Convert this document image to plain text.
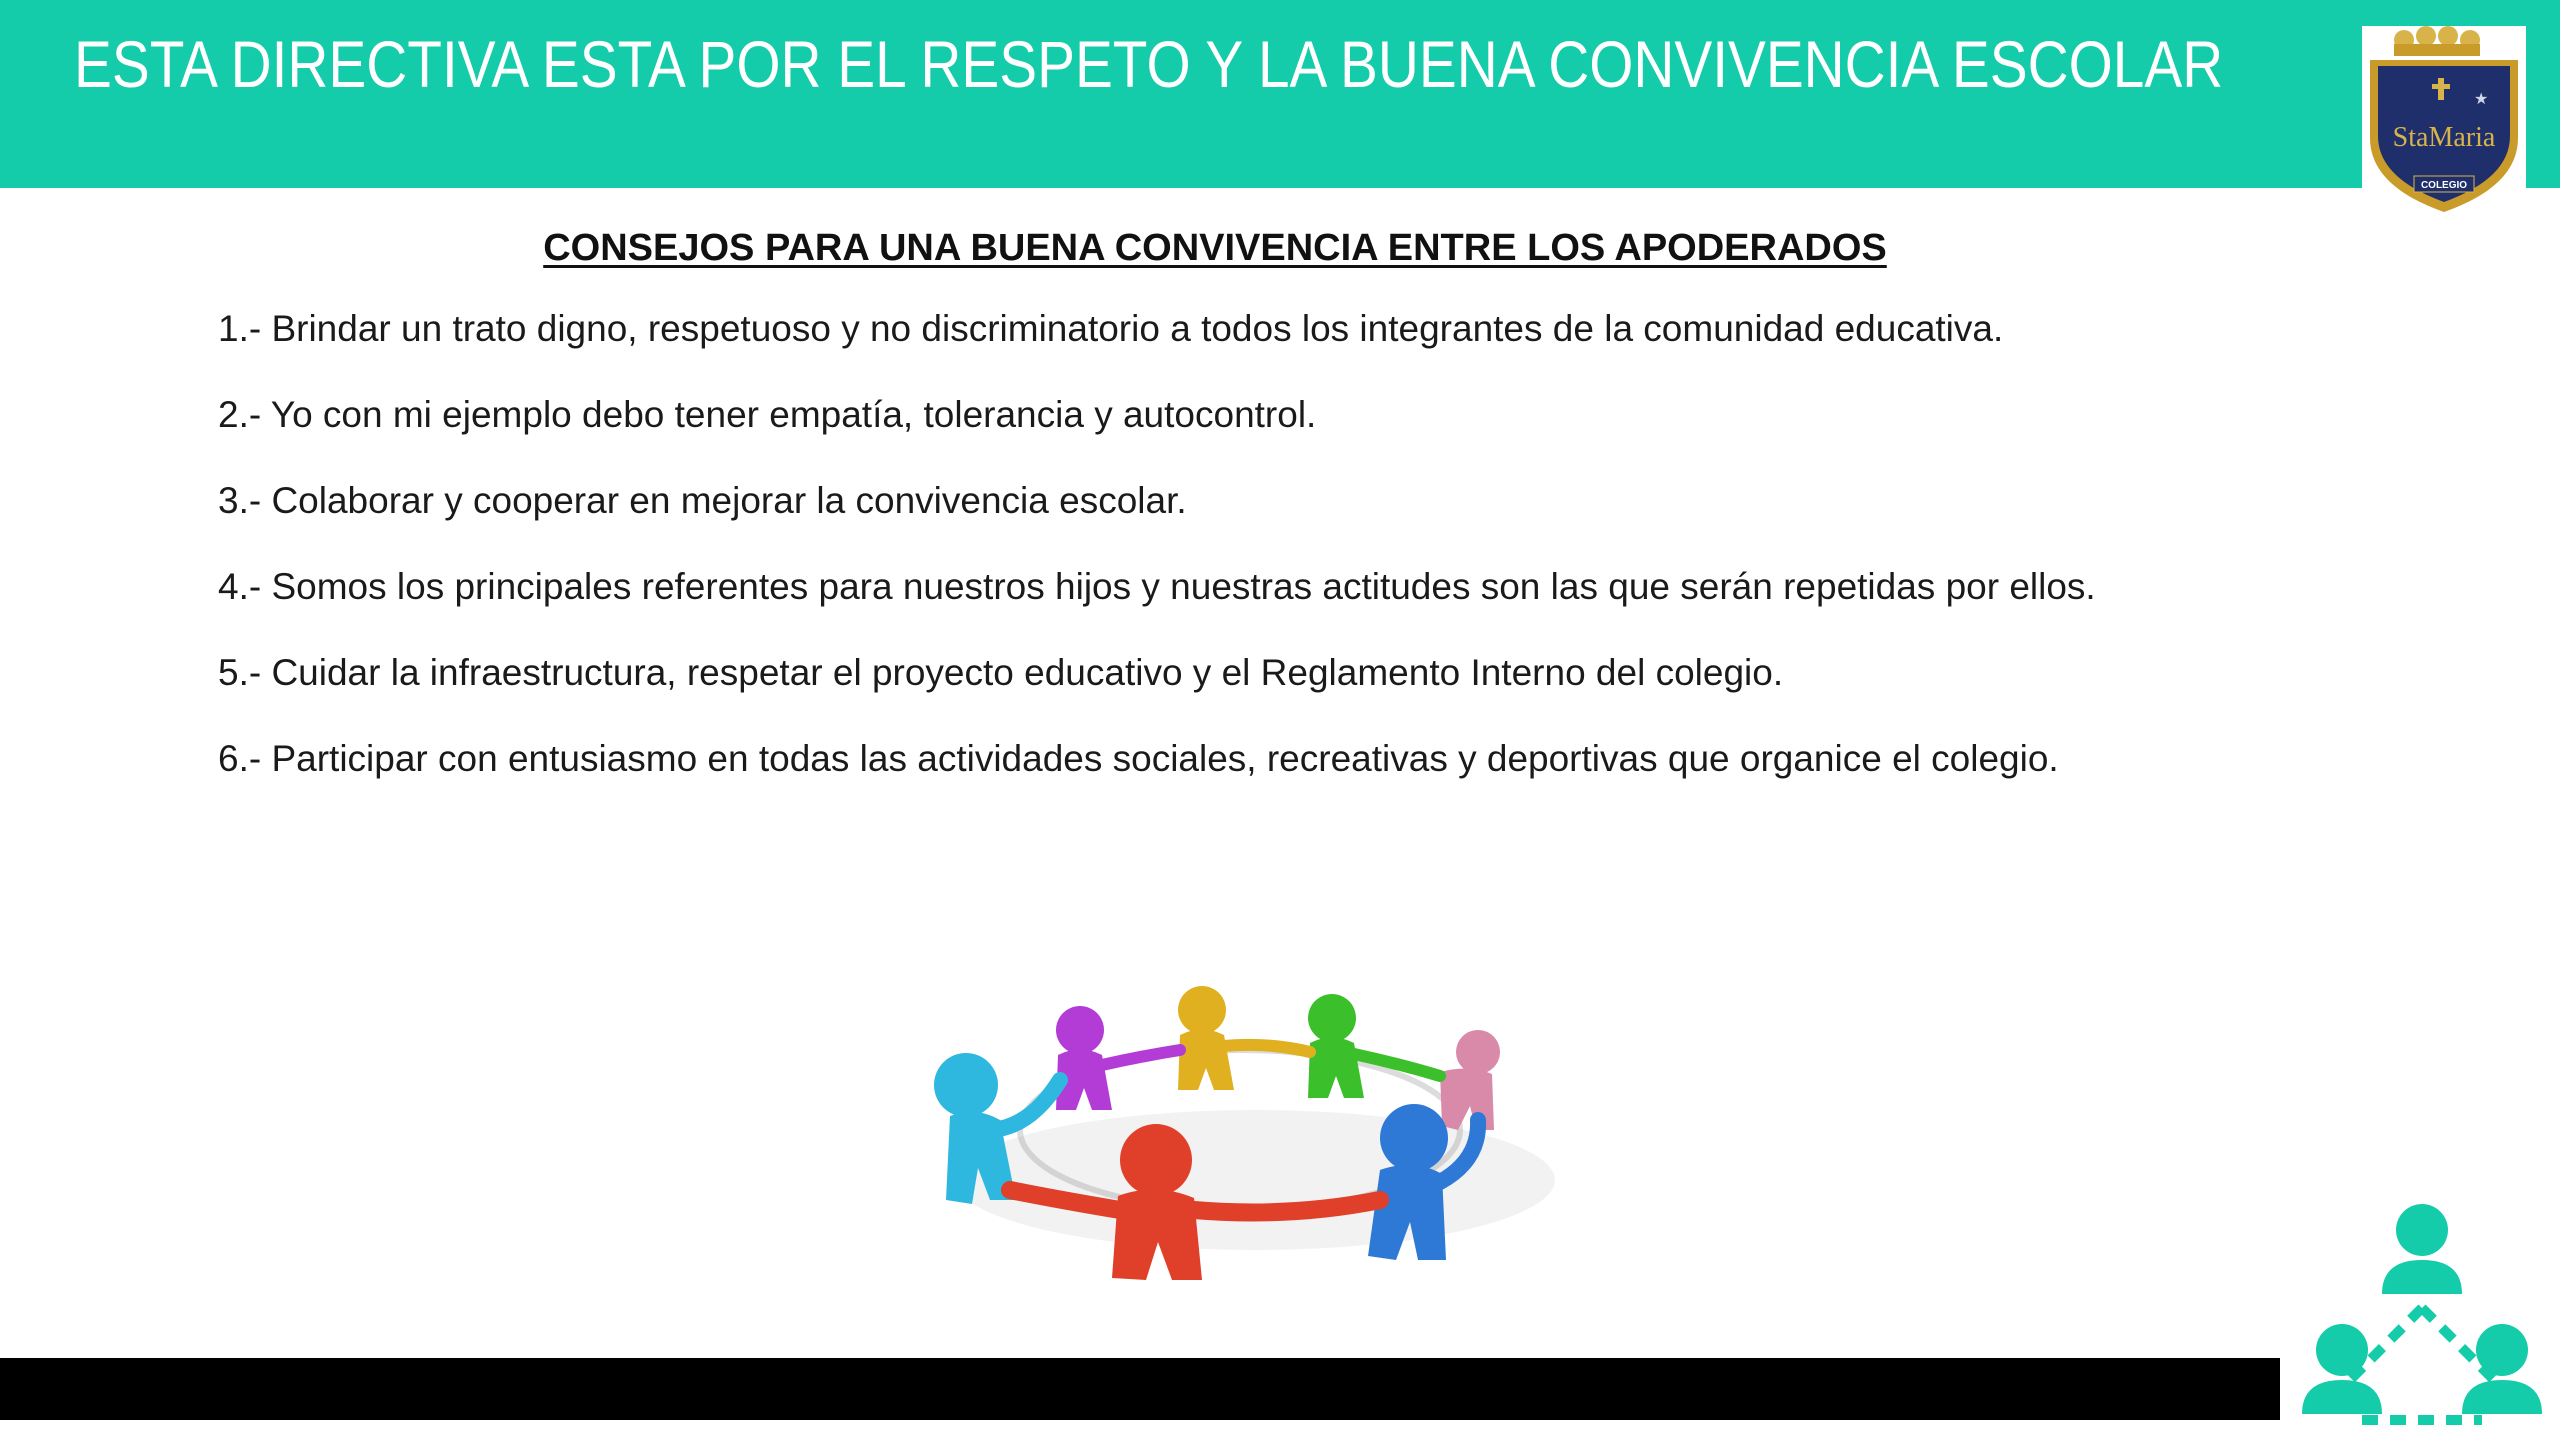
ESTA DIRECTIVA ESTA POR EL RESPETO Y LA BUENA CONVIVENCIA ESCOLAR	★
StaMaria
COLEGIO
CONSEJOS PARA UNA BUENA CONVIVENCIA ENTRE LOS APODERADOS
1.- Brindar un trato digno, respetuoso y no discriminatorio a todos los integrantes de la comunidad educativa.
2.- Yo con mi ejemplo debo tener empatía, tolerancia y autocontrol.
3.- Colaborar y cooperar en mejorar la convivencia escolar.
4.- Somos los principales referentes para nuestros hijos y nuestras actitudes son las que serán repetidas por ellos.
5.- Cuidar la infraestructura, respetar el proyecto educativo y el Reglamento Interno del colegio.
6.- Participar con entusiasmo en todas las actividades sociales, recreativas y deportivas que organice el colegio.
